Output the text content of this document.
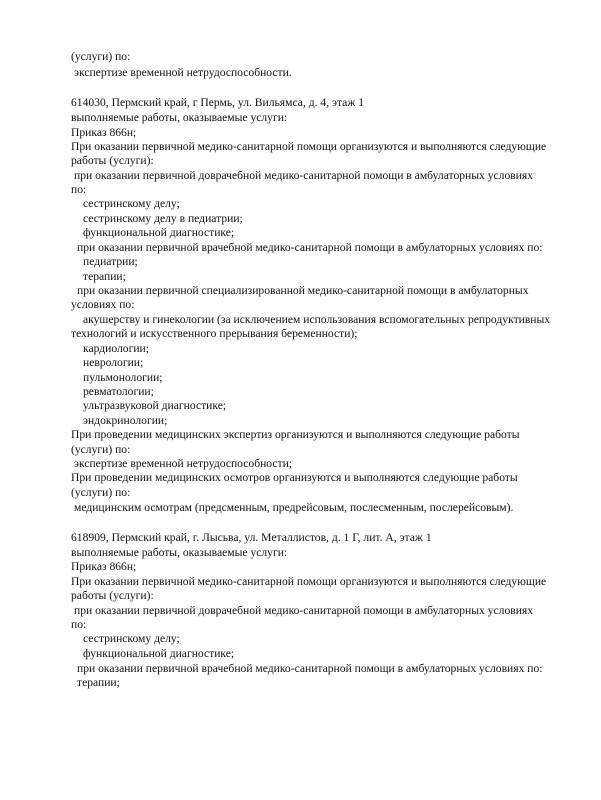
(услуги) по:
экспертизе временной нетрудоспособности.
614030, Пермский край, г Пермь, ул. Вильямса, д. 4, этаж 1
выполняемые работы, оказываемые услуги:
Приказ 866н;
При оказании первичной медико-санитарной помощи организуются и выполняются следующие
работы (услуги):
при оказании первичной доврачебной медико-санитарной помощи в амбулаторных условиях
по:
сестринскому делу;
сестринскому делу в педиатрии;
функциональной диагностике;
при оказании первичной врачебной медико-санитарной помощи в амбулаторных условиях по:
педиатрии;
терапии;
при оказании первичной специализированной медико-санитарной помощи в амбулаторных
условиях по:
акушерству и гинекологии (за исключением использования вспомогательных репродуктивных
технологий и искусственного прерывания беременности);
кардиологии;
неврологии;
пульмонологии;
ревматологии;
ультразвуковой диагностике;
эндокринологии;
При проведении медицинских экспертиз организуются и выполняются следующие работы
(услуги) по:
экспертизе временной нетрудоспособности;
При проведении медицинских осмотров организуются и выполняются следующие работы
(услуги) по:
медицинским осмотрам (предсменным, предрейсовым, послесменным, послерейсовым).
618909, Пермский край, г. Лысьва, ул. Металлистов, д. 1 Г, лит. А, этаж 1
выполняемые работы, оказываемые услуги:
Приказ 866н;
При оказании первичной медико-санитарной помощи организуются и выполняются следующие
работы (услуги):
при оказании первичной доврачебной медико-санитарной помощи в амбулаторных условиях
по:
сестринскому делу;
функциональной диагностике;
при оказании первичной врачебной медико-санитарной помощи в амбулаторных условиях по:
терапии;
